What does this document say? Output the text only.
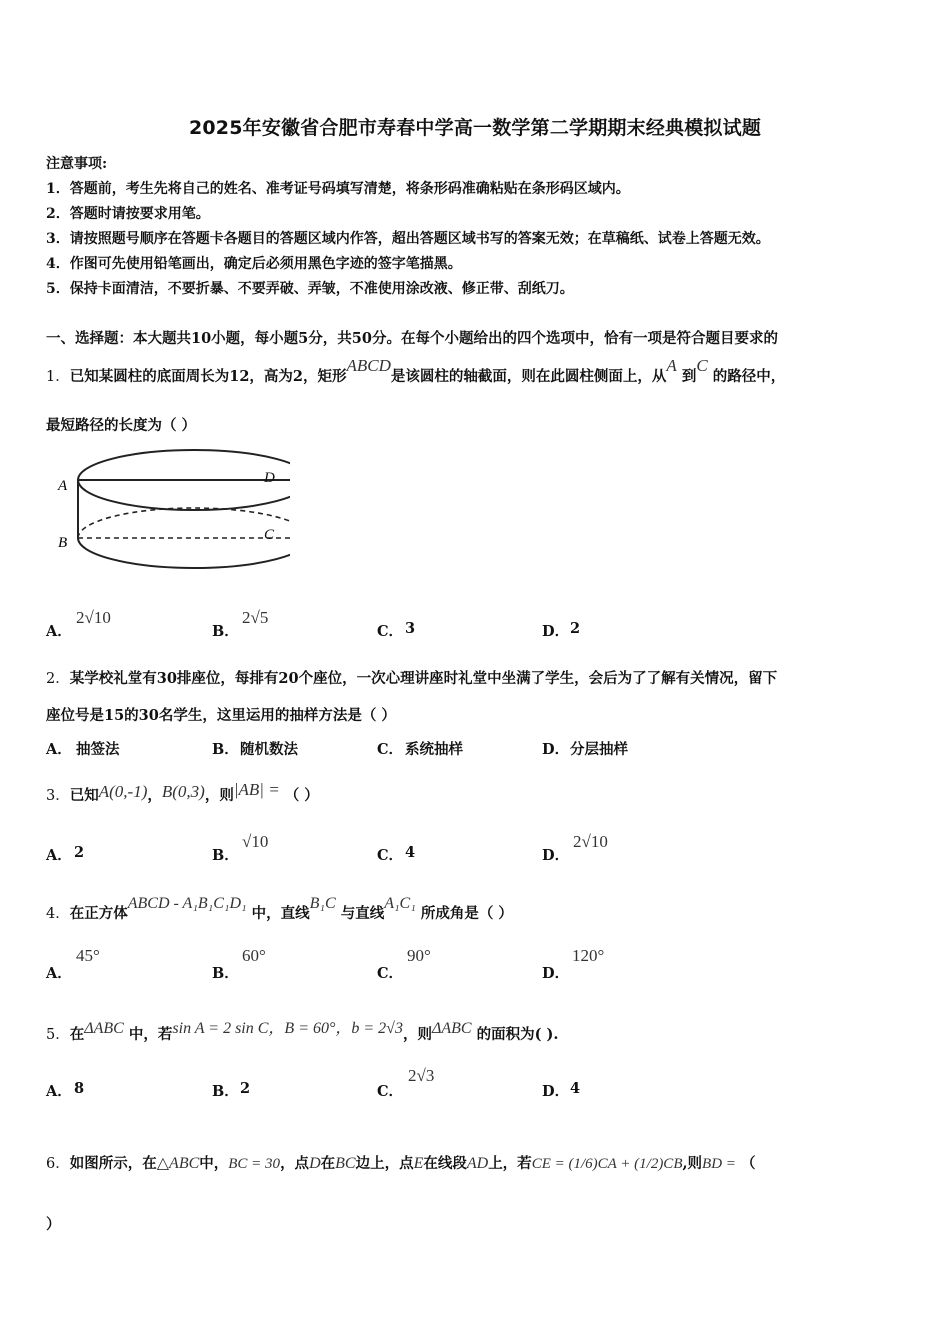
2025年安徽省合肥市寿春中学高一数学第二学期期末经典模拟试题
注意事项:
1．答题前，考生先将自己的姓名、准考证号码填写清楚，将条形码准确粘贴在条形码区域内。
2．答题时请按要求用笔。
3．请按照题号顺序在答题卡各题目的答题区域内作答，超出答题区域书写的答案无效；在草稿纸、试卷上答题无效。
4．作图可先使用铅笔画出，确定后必须用黑色字迹的签字笔描黑。
5．保持卡面清洁，不要折暴、不要弄破、弄皱，不准使用涂改液、修正带、刮纸刀。
一、选择题：本大题共10小题，每小题5分，共50分。在每个小题给出的四个选项中，恰有一项是符合题目要求的
1．已知某圆柱的底面周长为12，高为2，矩形ABCD是该圆柱的轴截面，则在此圆柱侧面上，从A 到C 的路径中，
最短路径的长度为（ ）
A
B
D
C
A．
2√10
B．
2√5
C． 3	D． 2
2．某学校礼堂有30排座位，每排有20个座位，一次心理讲座时礼堂中坐满了学生，会后为了了解有关情况，留下
座位号是15的30名学生，这里运用的抽样方法是（ ）
A． 抽签法	B． 随机数法	C． 系统抽样	D． 分层抽样
3．已知A(0,‑1)，B(0,3)，则|AB| = （ ）
A． 2	B．
√10
C． 4	D．
2√10
4．在正方体ABCD - A₁B₁C₁D₁ 中，直线B₁C 与直线A₁C₁ 所成角是（ ）
A．
45°
B．
60°
C．
90°
D．
120°
5．在ΔABC 中，若sin A = 2 sin C，B = 60°，b = 2√3，则ΔABC 的面积为( ).
A． 8	B． 2	C．
2√3
D． 4
6．如图所示，在△ABC中，BC = 30，点D在BC边上，点E在线段AD上，若CE = (1/6)CA + (1/2)CB,则BD = （
）
